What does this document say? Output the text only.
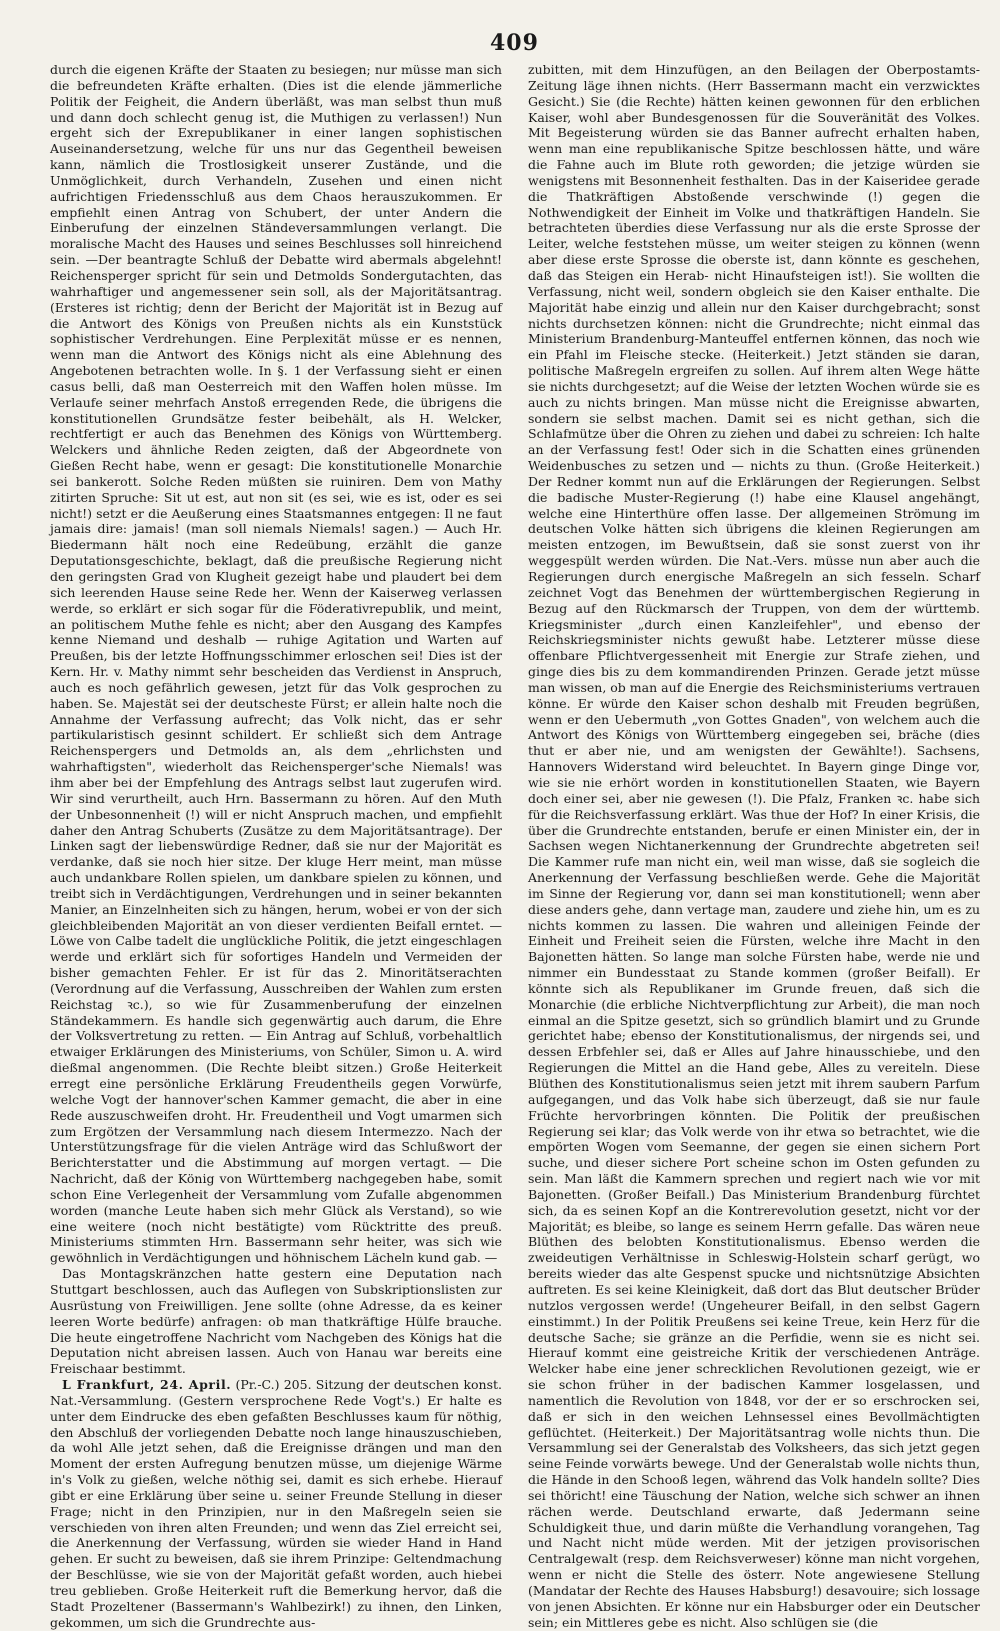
409

durch die eigenen Kräfte der Staaten zu besiegen; nur müsse man sich die befreundeten Kräfte erhalten. (Dies ist die elende jämmerliche Politik der Feigheit, die Andern überläßt, was man selbst thun muß und dann doch schlecht genug ist, die Muthigen zu verlassen!) Nun ergeht sich der Exrepublikaner in einer langen sophistischen Auseinandersetzung, welche für uns nur das Gegentheil beweisen kann, nämlich die Trostlosigkeit unserer Zustände, und die Unmöglichkeit, durch Verhandeln, Zusehen und einen nicht aufrichtigen Friedensschluß aus dem Chaos herauszukommen. Er empfiehlt einen Antrag von Schubert, der unter Andern die Einberufung der einzelnen Ständeversammlungen verlangt. Die moralische Macht des Hauses und seines Beschlusses soll hinreichend sein. —Der beantragte Schluß der Debatte wird abermals abgelehnt! Reichensperger spricht für sein und Detmolds Sondergutachten, das wahrhaftiger und angemessener sein soll, als der Majoritätsantrag. (Ersteres ist richtig; denn der Bericht der Majorität ist in Bezug auf die Antwort des Königs von Preußen nichts als ein Kunststück sophistischer Verdrehungen. Eine Perplexität müsse er es nennen, wenn man die Antwort des Königs nicht als eine Ablehnung des Angebotenen betrachten wolle. In §. 1 der Verfassung sieht er einen casus belli, daß man Oesterreich mit den Waffen holen müsse. Im Verlaufe seiner mehrfach Anstoß erregenden Rede, die übrigens die konstitutionellen Grundsätze fester beibehält, als H. Welcker, rechtfertigt er auch das Benehmen des Königs von Württemberg. Welckers und ähnliche Reden zeigten, daß der Abgeordnete von Gießen Recht habe, wenn er gesagt: Die konstitutionelle Monarchie sei bankerott. Solche Reden müßten sie ruiniren. Dem von Mathy zitirten Spruche: Sit ut est, aut non sit (es sei, wie es ist, oder es sei nicht!) setzt er die Aeußerung eines Staatsmannes entgegen: Il ne faut jamais dire: jamais! (man soll niemals Niemals! sagen.) — Auch Hr. Biedermann hält noch eine Redeübung, erzählt die ganze Deputationsgeschichte, beklagt, daß die preußische Regierung nicht den geringsten Grad von Klugheit gezeigt habe und plaudert bei dem sich leerenden Hause seine Rede her. Wenn der Kaiserweg verlassen werde, so erklärt er sich sogar für die Föderativrepublik, und meint, an politischem Muthe fehle es nicht; aber den Ausgang des Kampfes kenne Niemand und deshalb — ruhige Agitation und Warten auf Preußen, bis der letzte Hoffnungsschimmer erloschen sei! Dies ist der Kern. Hr. v. Mathy nimmt sehr bescheiden das Verdienst in Anspruch, auch es noch gefährlich gewesen, jetzt für das Volk gesprochen zu haben. Se. Majestät sei der deutscheste Fürst; er allein halte noch die Annahme der Verfassung aufrecht; das Volk nicht, das er sehr partikularistisch gesinnt schildert. Er schließt sich dem Antrage Reichenspergers und Detmolds an, als dem „ehrlichsten und wahrhaftigsten", wiederholt das Reichensperger'sche Niemals! was ihm aber bei der Empfehlung des Antrags selbst laut zugerufen wird. Wir sind verurtheilt, auch Hrn. Bassermann zu hören. Auf den Muth der Unbesonnenheit (!) will er nicht Anspruch machen, und empfiehlt daher den Antrag Schuberts (Zusätze zu dem Majoritätsantrage). Der Linken sagt der liebenswürdige Redner, daß sie nur der Majorität es verdanke, daß sie noch hier sitze. Der kluge Herr meint, man müsse auch undankbare Rollen spielen, um dankbare spielen zu können, und treibt sich in Verdächtigungen, Verdrehungen und in seiner bekannten Manier, an Einzelnheiten sich zu hängen, herum, wobei er von der sich gleichbleibenden Majorität an von dieser verdienten Beifall erntet. — Löwe von Calbe tadelt die unglückliche Politik, die jetzt eingeschlagen werde und erklärt sich für sofortiges Handeln und Vermeiden der bisher gemachten Fehler. Er ist für das 2. Minoritätserachten (Verordnung auf die Verfassung, Ausschreiben der Wahlen zum ersten Reichstag ꝛc.), so wie für Zusammenberufung der einzelnen Ständekammern. Es handle sich gegenwärtig auch darum, die Ehre der Volksvertretung zu retten. — Ein Antrag auf Schluß, vorbehaltlich etwaiger Erklärungen des Ministeriums, von Schüler, Simon u. A. wird dießmal angenommen. (Die Rechte bleibt sitzen.) Große Heiterkeit erregt eine persönliche Erklärung Freudentheils gegen Vorwürfe, welche Vogt der hannover'schen Kammer gemacht, die aber in eine Rede auszuschweifen droht. Hr. Freudentheil und Vogt umarmen sich zum Ergötzen der Versammlung nach diesem Intermezzo. Nach der Unterstützungsfrage für die vielen Anträge wird das Schlußwort der Berichterstatter und die Abstimmung auf morgen vertagt. — Die Nachricht, daß der König von Württemberg nachgegeben habe, somit schon Eine Verlegenheit der Versammlung vom Zufalle abgenommen worden (manche Leute haben sich mehr Glück als Verstand), so wie eine weitere (noch nicht bestätigte) vom Rücktritte des preuß. Ministeriums stimmten Hrn. Bassermann sehr heiter, was sich wie gewöhnlich in Verdächtigungen und höhnischem Lächeln kund gab. —

Das Montagskränzchen hatte gestern eine Deputation nach Stuttgart beschlossen, auch das Auflegen von Subskriptionslisten zur Ausrüstung von Freiwilligen. Jene sollte (ohne Adresse, da es keiner leeren Worte bedürfe) anfragen: ob man thatkräftige Hülfe brauche. Die heute eingetroffene Nachricht vom Nachgeben des Königs hat die Deputation nicht abreisen lassen. Auch von Hanau war bereits eine Freischaar bestimmt.

L Frankfurt, 24. April. (Pr.-C.) 205. Sitzung der deutschen konst. Nat.-Versammlung. (Gestern versprochene Rede Vogt's.) Er halte es unter dem Eindrucke des eben gefaßten Beschlusses kaum für nöthig, den Abschluß der vorliegenden Debatte noch lange hinauszuschieben, da wohl Alle jetzt sehen, daß die Ereignisse drängen und man den Moment der ersten Aufregung benutzen müsse, um diejenige Wärme in's Volk zu gießen, welche nöthig sei, damit es sich erhebe. Hierauf gibt er eine Erklärung über seine u. seiner Freunde Stellung in dieser Frage; nicht in den Prinzipien, nur in den Maßregeln seien sie verschieden von ihren alten Freunden; und wenn das Ziel erreicht sei, die Anerkennung der Verfassung, würden sie wieder Hand in Hand gehen. Er sucht zu beweisen, daß sie ihrem Prinzipe: Geltendmachung der Beschlüsse, wie sie von der Majorität gefaßt worden, auch hiebei treu geblieben. Große Heiterkeit ruft die Bemerkung hervor, daß die Stadt Prozeltener (Bassermann's Wahlbezirk!) zu ihnen, den Linken, gekommen, um sich die Grundrechte aus-

zubitten, mit dem Hinzufügen, an den Beilagen der Oberpostamts-Zeitung läge ihnen nichts. (Herr Bassermann macht ein verzwicktes Gesicht.) Sie (die Rechte) hätten keinen gewonnen für den erblichen Kaiser, wohl aber Bundesgenossen für die Souveränität des Volkes. Mit Begeisterung würden sie das Banner aufrecht erhalten haben, wenn man eine republikanische Spitze beschlossen hätte, und wäre die Fahne auch im Blute roth geworden; die jetzige würden sie wenigstens mit Besonnenheit festhalten. Das in der Kaiseridee gerade die Thatkräftigen Abstoßende verschwinde (!) gegen die Nothwendigkeit der Einheit im Volke und thatkräftigen Handeln. Sie betrachteten überdies diese Verfassung nur als die erste Sprosse der Leiter, welche feststehen müsse, um weiter steigen zu können (wenn aber diese erste Sprosse die oberste ist, dann könnte es geschehen, daß das Steigen ein Herab- nicht Hinaufsteigen ist!). Sie wollten die Verfassung, nicht weil, sondern obgleich sie den Kaiser enthalte. Die Majorität habe einzig und allein nur den Kaiser durchgebracht; sonst nichts durchsetzen können: nicht die Grundrechte; nicht einmal das Ministerium Brandenburg-Manteuffel entfernen können, das noch wie ein Pfahl im Fleische stecke. (Heiterkeit.) Jetzt ständen sie daran, politische Maßregeln ergreifen zu sollen. Auf ihrem alten Wege hätte sie nichts durchgesetzt; auf die Weise der letzten Wochen würde sie es auch zu nichts bringen. Man müsse nicht die Ereignisse abwarten, sondern sie selbst machen. Damit sei es nicht gethan, sich die Schlafmütze über die Ohren zu ziehen und dabei zu schreien: Ich halte an der Verfassung fest! Oder sich in die Schatten eines grünenden Weidenbusches zu setzen und — nichts zu thun. (Große Heiterkeit.) Der Redner kommt nun auf die Erklärungen der Regierungen. Selbst die badische Muster-Regierung (!) habe eine Klausel angehängt, welche eine Hinterthüre offen lasse. Der allgemeinen Strömung im deutschen Volke hätten sich übrigens die kleinen Regierungen am meisten entzogen, im Bewußtsein, daß sie sonst zuerst von ihr weggespült werden würden. Die Nat.-Vers. müsse nun aber auch die Regierungen durch energische Maßregeln an sich fesseln. Scharf zeichnet Vogt das Benehmen der württembergischen Regierung in Bezug auf den Rückmarsch der Truppen, von dem der württemb. Kriegsminister „durch einen Kanzleifehler", und ebenso der Reichskriegsminister nichts gewußt habe. Letzterer müsse diese offenbare Pflichtvergessenheit mit Energie zur Strafe ziehen, und ginge dies bis zu dem kommandirenden Prinzen. Gerade jetzt müsse man wissen, ob man auf die Energie des Reichsministeriums vertrauen könne. Er würde den Kaiser schon deshalb mit Freuden begrüßen, wenn er den Uebermuth „von Gottes Gnaden", von welchem auch die Antwort des Königs von Württemberg eingegeben sei, bräche (dies thut er aber nie, und am wenigsten der Gewählte!). Sachsens, Hannovers Widerstand wird beleuchtet. In Bayern ginge Dinge vor, wie sie nie erhört worden in konstitutionellen Staaten, wie Bayern doch einer sei, aber nie gewesen (!). Die Pfalz, Franken ꝛc. habe sich für die Reichsverfassung erklärt. Was thue der Hof? In einer Krisis, die über die Grundrechte entstanden, berufe er einen Minister ein, der in Sachsen wegen Nichtanerkennung der Grundrechte abgetreten sei! Die Kammer rufe man nicht ein, weil man wisse, daß sie sogleich die Anerkennung der Verfassung beschließen werde. Gehe die Majorität im Sinne der Regierung vor, dann sei man konstitutionell; wenn aber diese anders gehe, dann vertage man, zaudere und ziehe hin, um es zu nichts kommen zu lassen. Die wahren und alleinigen Feinde der Einheit und Freiheit seien die Fürsten, welche ihre Macht in den Bajonetten hätten. So lange man solche Fürsten habe, werde nie und nimmer ein Bundesstaat zu Stande kommen (großer Beifall). Er könnte sich als Republikaner im Grunde freuen, daß sich die Monarchie (die erbliche Nichtverpflichtung zur Arbeit), die man noch einmal an die Spitze gesetzt, sich so gründlich blamirt und zu Grunde gerichtet habe; ebenso der Konstitutionalismus, der nirgends sei, und dessen Erbfehler sei, daß er Alles auf Jahre hinausschiebe, und den Regierungen die Mittel an die Hand gebe, Alles zu vereiteln. Diese Blüthen des Konstitutionalismus seien jetzt mit ihrem saubern Parfum aufgegangen, und das Volk habe sich überzeugt, daß sie nur faule Früchte hervorbringen könnten. Die Politik der preußischen Regierung sei klar; das Volk werde von ihr etwa so betrachtet, wie die empörten Wogen vom Seemanne, der gegen sie einen sichern Port suche, und dieser sichere Port scheine schon im Osten gefunden zu sein. Man läßt die Kammern sprechen und regiert nach wie vor mit Bajonetten. (Großer Beifall.) Das Ministerium Brandenburg fürchtet sich, da es seinen Kopf an die Kontrerevolution gesetzt, nicht vor der Majorität; es bleibe, so lange es seinem Herrn gefalle. Das wären neue Blüthen des belobten Konstitutionalismus. Ebenso werden die zweideutigen Verhältnisse in Schleswig-Holstein scharf gerügt, wo bereits wieder das alte Gespenst spucke und nichtsnützige Absichten auftreten. Es sei keine Kleinigkeit, daß dort das Blut deutscher Brüder nutzlos vergossen werde! (Ungeheurer Beifall, in den selbst Gagern einstimmt.) In der Politik Preußens sei keine Treue, kein Herz für die deutsche Sache; sie gränze an die Perfidie, wenn sie es nicht sei. Hierauf kommt eine geistreiche Kritik der verschiedenen Anträge. Welcker habe eine jener schrecklichen Revolutionen gezeigt, wie er sie schon früher in der badischen Kammer losgelassen, und namentlich die Revolution von 1848, vor der er so erschrocken sei, daß er sich in den weichen Lehnsessel eines Bevollmächtigten geflüchtet. (Heiterkeit.) Der Majoritätsantrag wolle nichts thun. Die Versammlung sei der Generalstab des Volksheers, das sich jetzt gegen seine Feinde vorwärts bewege. Und der Generalstab wolle nichts thun, die Hände in den Schooß legen, während das Volk handeln sollte? Dies sei thöricht! eine Täuschung der Nation, welche sich schwer an ihnen rächen werde. Deutschland erwarte, daß Jedermann seine Schuldigkeit thue, und darin müßte die Verhandlung vorangehen, Tag und Nacht nicht müde werden. Mit der jetzigen provisorischen Centralgewalt (resp. dem Reichsverweser) könne man nicht vorgehen, wenn er nicht die Stelle des österr. Note angewiesene Stellung (Mandatar der Rechte des Hauses Habsburg!) desavouire; sich lossage von jenen Absichten. Er könne nur ein Habsburger oder ein Deutscher sein; ein Mittleres gebe es nicht. Also schlügen sie (die
